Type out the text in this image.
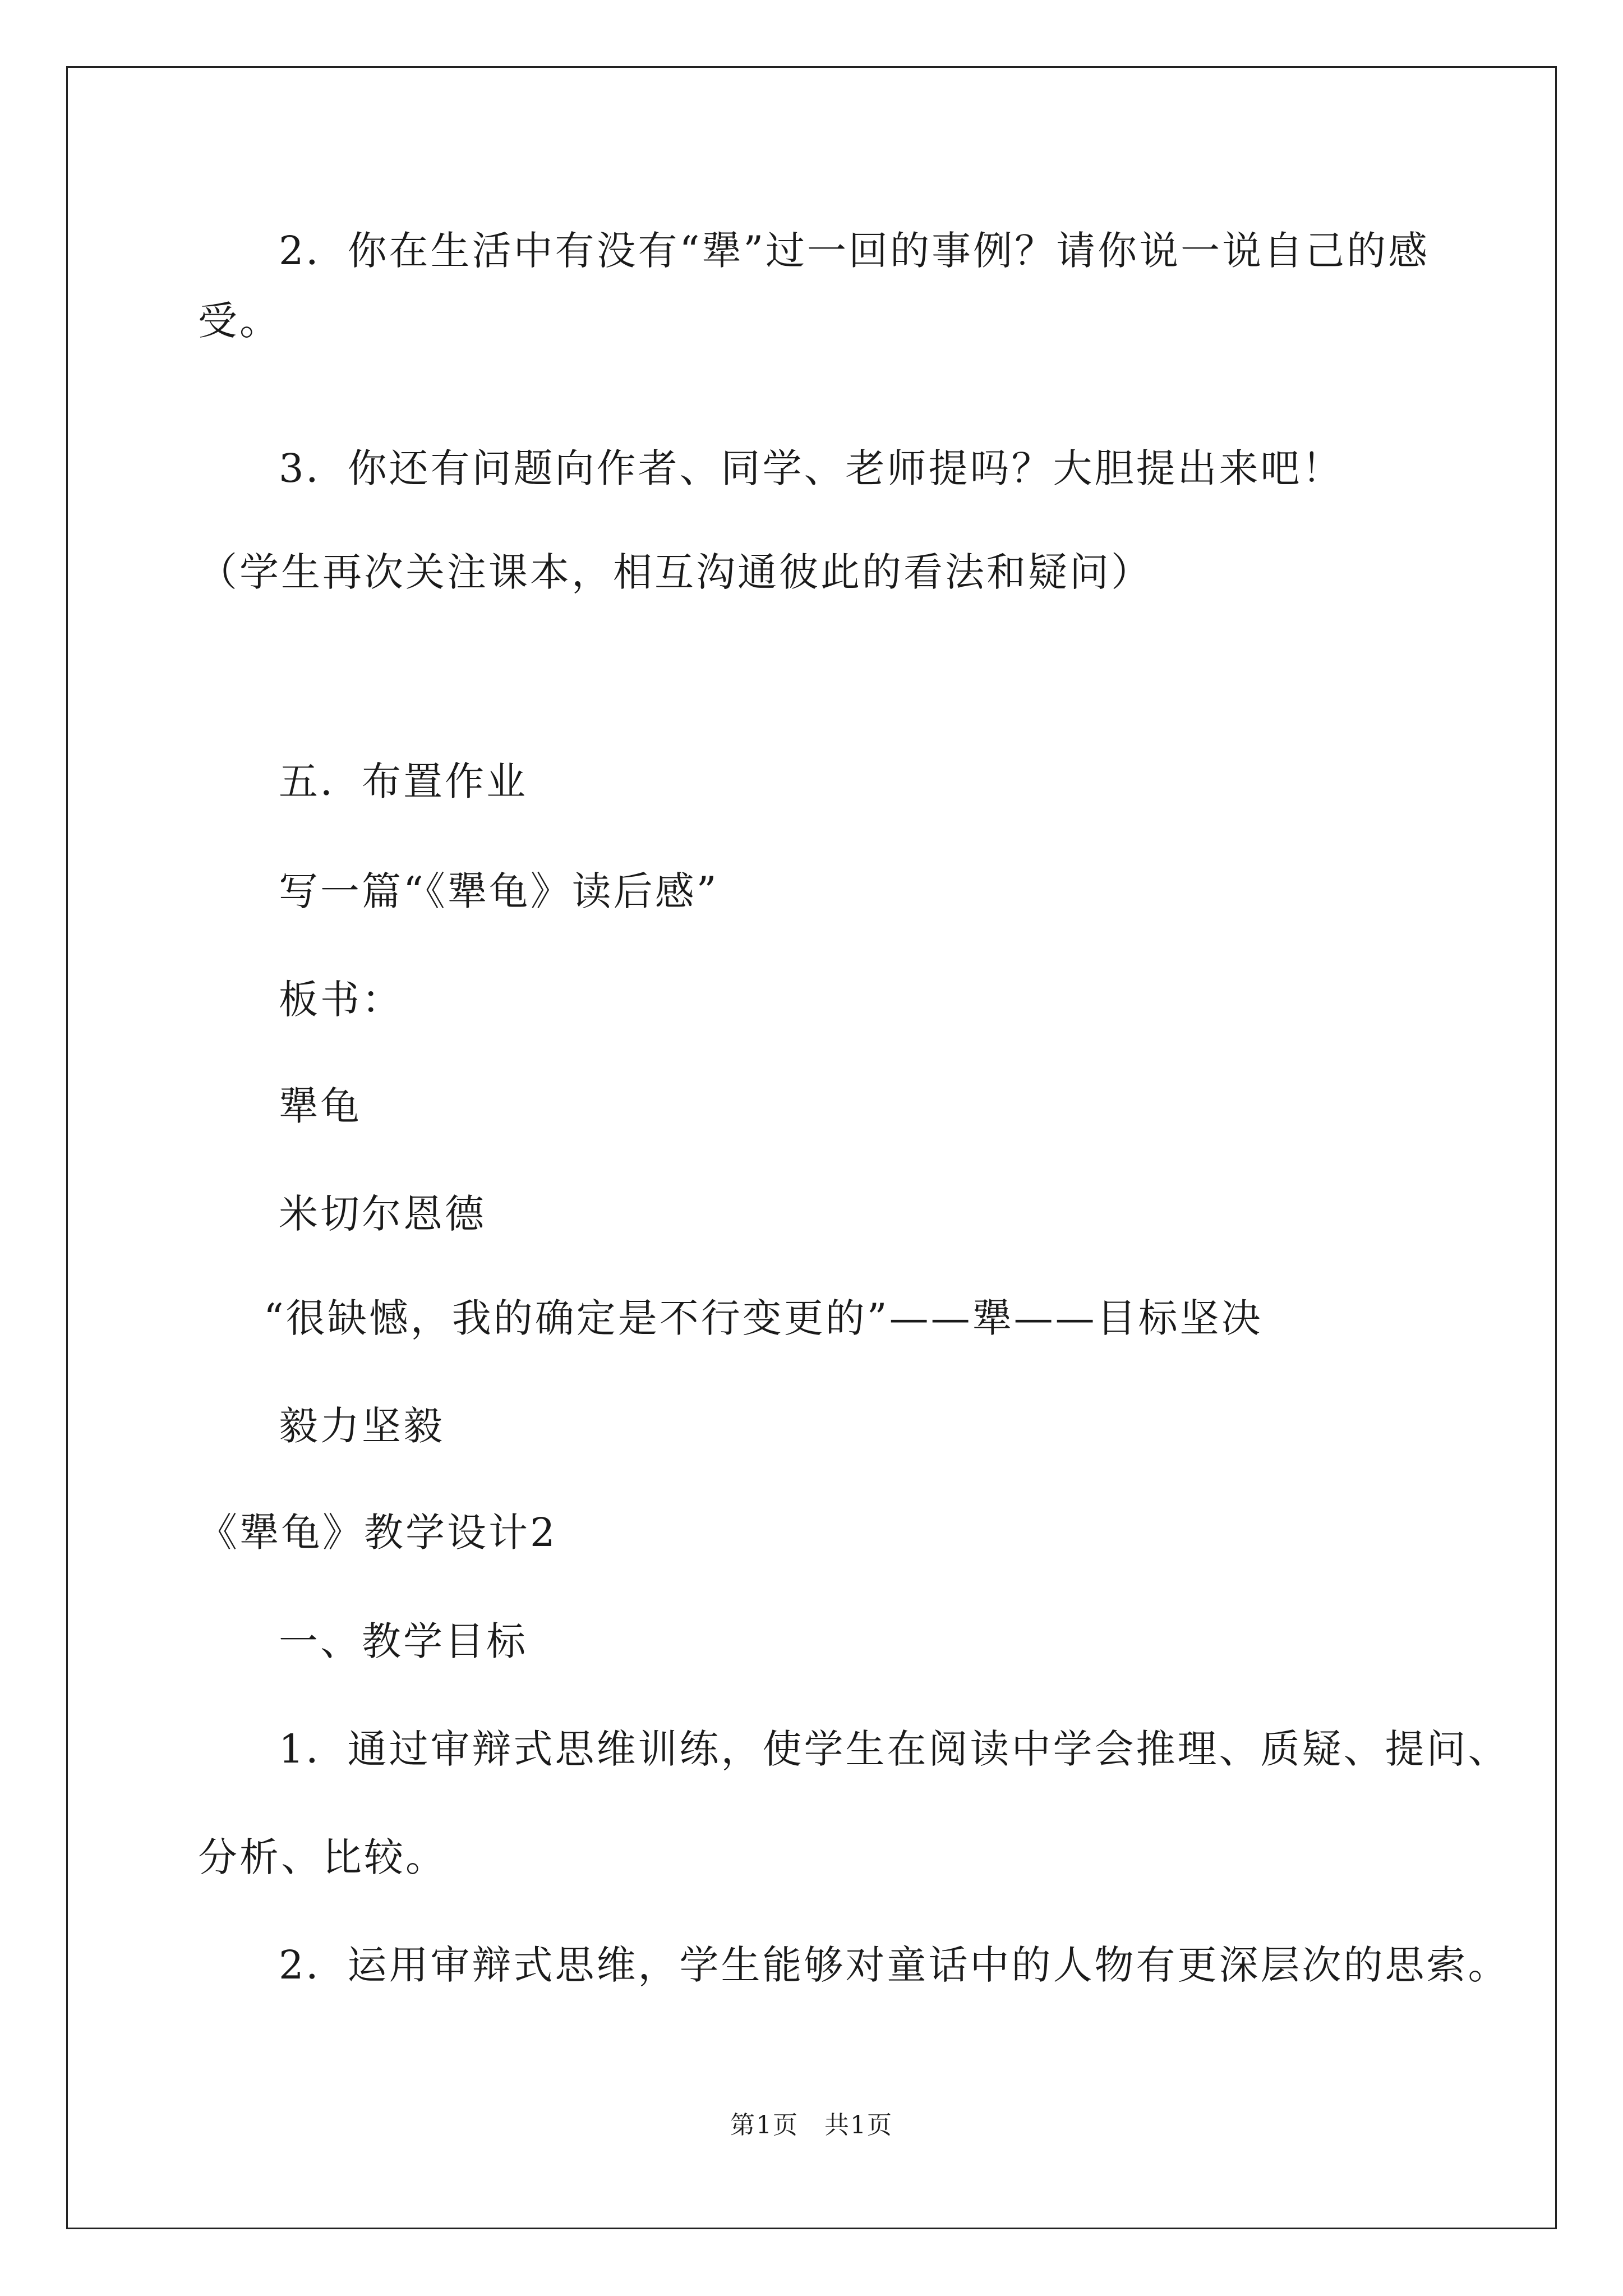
2．你在生活中有没有“犟”过一回的事例？请你说一说自己的感
受。
3．你还有问题向作者、同学、老师提吗？大胆提出来吧！
（学生再次关注课本，相互沟通彼此的看法和疑问）
五．布置作业
写一篇“《犟龟》读后感”
板书：
犟龟
米切尔恩德
“很缺憾，我的确定是不行变更的”——犟——目标坚决
毅力坚毅
《犟龟》教学设计2
一、教学目标
1．通过审辩式思维训练，使学生在阅读中学会推理、质疑、提问、
分析、比较。
2．运用审辩式思维，学生能够对童话中的人物有更深层次的思索。
第1页　共1页
